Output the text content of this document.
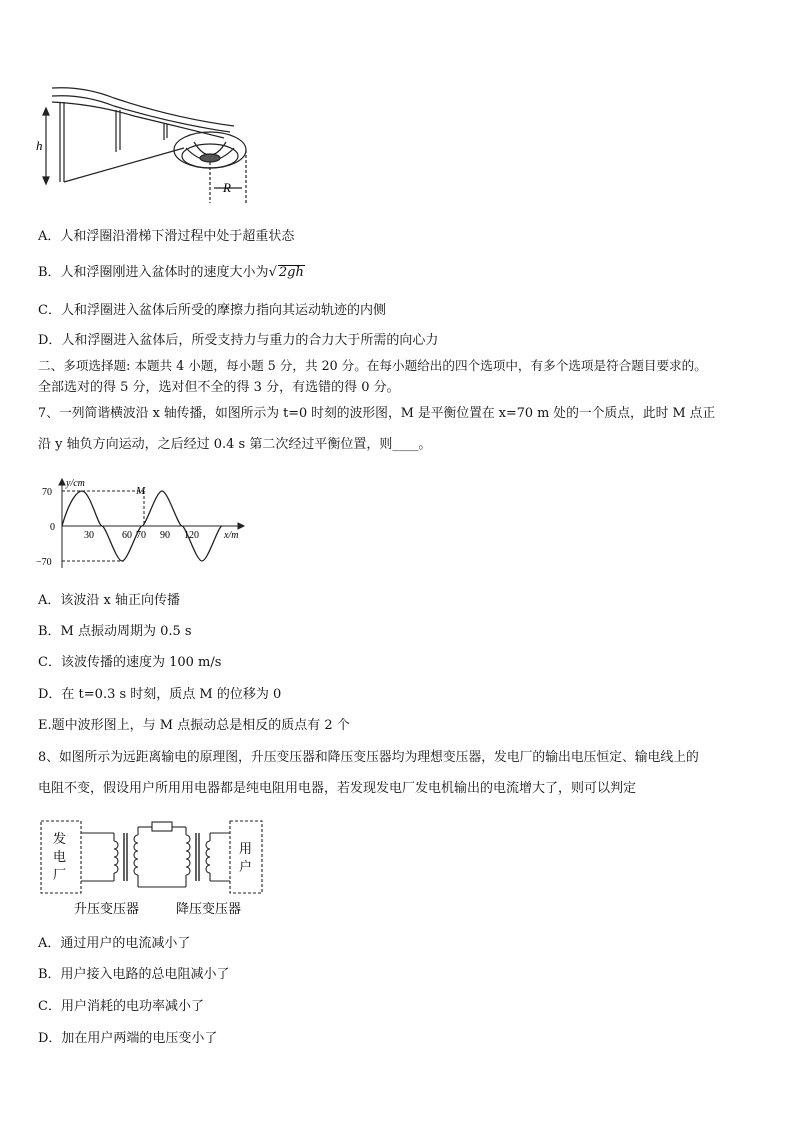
h
R
A．人和浮圈沿滑梯下滑过程中处于超重状态
B．人和浮圈刚进入盆体时的速度大小为√ 2gh
C．人和浮圈进入盆体后所受的摩擦力指向其运动轨迹的内侧
D．人和浮圈进入盆体后，所受支持力与重力的合力大于所需的向心力
二、多项选择题: 本题共 4 小题，每小题 5 分，共 20 分。在每小题给出的四个选项中，有多个选项是符合题目要求的。
全部选对的得 5 分，选对但不全的得 3 分，有选错的得 0 分。
7、一列简谐横波沿 x 轴传播，如图所示为 t=0 时刻的波形图，M 是平衡位置在 x=70 m 处的一个质点，此时 M 点正
沿 y 轴负方向运动，之后经过 0.4 s 第二次经过平衡位置，则____。
y/cm
x/m
70
0
−70
30	60 70 90 120
M
A．该波沿 x 轴正向传播
B．M 点振动周期为 0.5 s
C．该波传播的速度为 100 m/s
D．在 t=0.3 s 时刻，质点 M 的位移为 0
E.题中波形图上，与 M 点振动总是相反的质点有 2 个
8、如图所示为远距离输电的原理图，升压变压器和降压变压器均为理想变压器，发电厂的输出电压恒定、输电线上的
电阻不变，假设用户所用用电器都是纯电阻用电器，若发现发电厂发电机输出的电流增大了，则可以判定
发
电
厂
用
户
升压变压器	降压变压器
A．通过用户的电流减小了
B．用户接入电路的总电阻减小了
C．用户消耗的电功率减小了
D．加在用户两端的电压变小了
